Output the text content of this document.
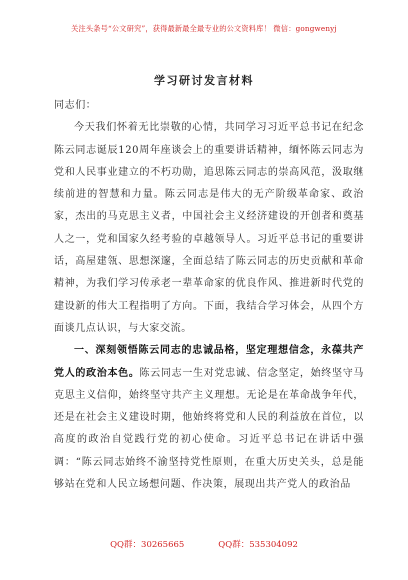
关注头条号“公文研究”，获得最新最全最专业的公文资料库！ 微信：gongwenyj
学习研讨发言材料

同志们：

今天我们怀着无比崇敬的心情，共同学习习近平总书记在纪念陈云同志诞辰120周年座谈会上的重要讲话精神，缅怀陈云同志为党和人民事业建立的不朽功勋，追思陈云同志的崇高风范，汲取继续前进的智慧和力量。陈云同志是伟大的无产阶级革命家、政治家，杰出的马克思主义者，中国社会主义经济建设的开创者和奠基人之一，党和国家久经考验的卓越领导人。习近平总书记的重要讲话，高屋建瓴、思想深邃，全面总结了陈云同志的历史贡献和革命精神，为我们学习传承老一辈革命家的优良作风、推进新时代党的建设新的伟大工程指明了方向。下面，我结合学习体会，从四个方面谈几点认识，与大家交流。

一、深刻领悟陈云同志的忠诚品格，坚定理想信念，永葆共产党人的政治本色。陈云同志一生对党忠诚、信念坚定，始终坚守马克思主义信仰，始终坚守共产主义理想。无论是在革命战争年代，还是在社会主义建设时期，他始终将党和人民的利益放在首位，以高度的政治自觉践行党的初心使命。习近平总书记在讲话中强调：“陈云同志始终不渝坚持党性原则，在重大历史关头，总是能够站在党和人民立场想问题、作决策，展现出共产党人的政治品

QQ群：30265665	QQ群：535304092
